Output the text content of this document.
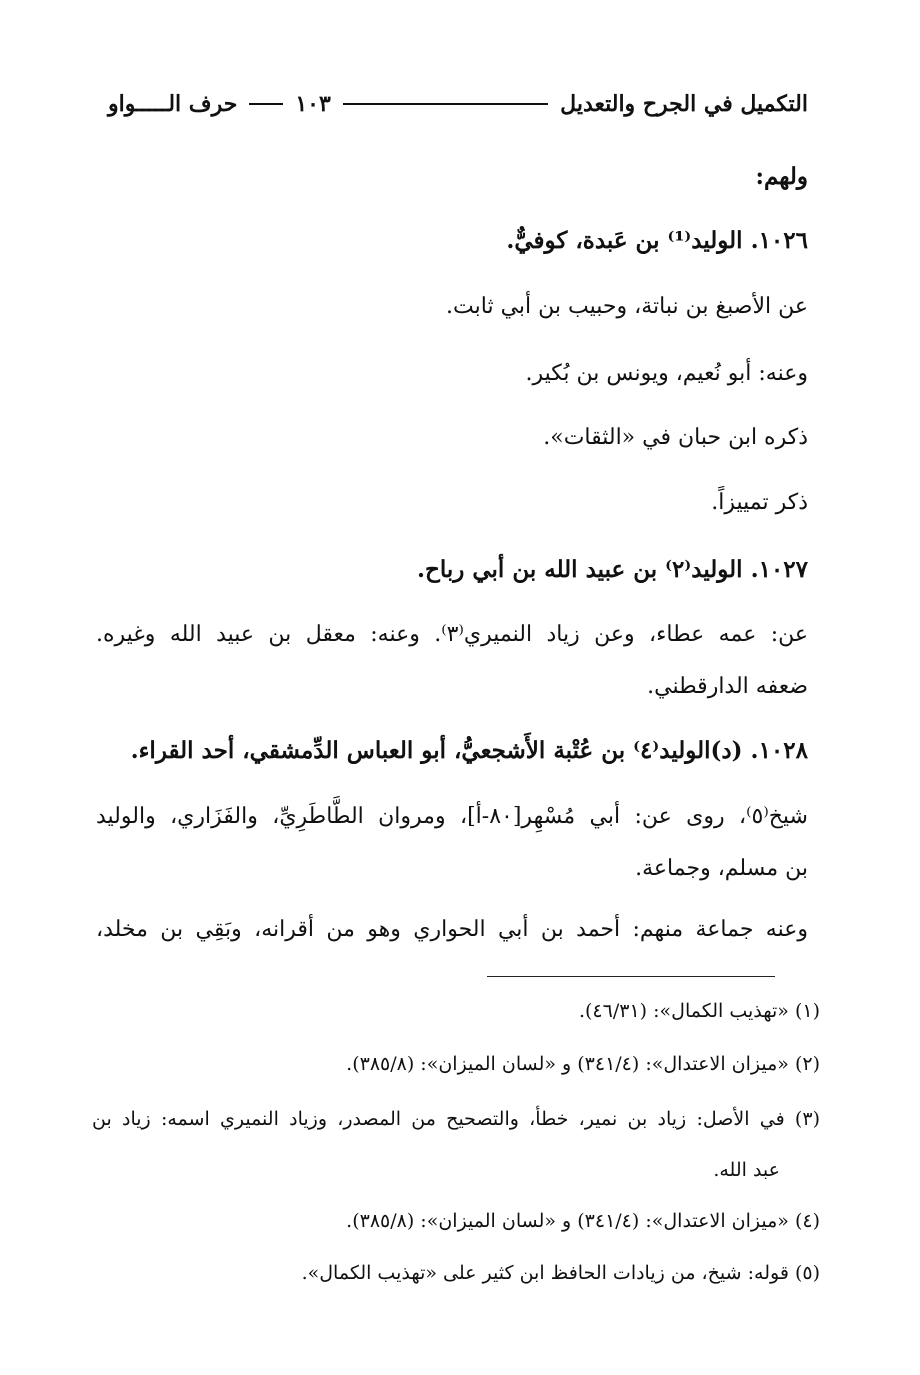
التكميل في الجرح والتعديل
١٠٣
حرف الـــــواو
ولهم:
١٠٢٦. الوليد⁽¹⁾ بن عَبدة، كوفيٌّ.
عن الأصبغ بن نباتة، وحبيب بن أبي ثابت.
وعنه: أبو نُعيم، ويونس بن بُكير.
ذكره ابن حبان في «الثقات».
ذكر تمييزاً.
١٠٢٧. الوليد⁽٢⁾ بن عبيد الله بن أبي رباح.
عن: عمه عطاء، وعن زياد النميري⁽٣⁾. وعنه: معقل بن عبيد الله وغيره.
ضعفه الدارقطني.
١٠٢٨. (د)الوليد⁽٤⁾ بن عُتْبة الأَشجعيُّ، أبو العباس الدِّمشقي، أحد القراء.
شيخ⁽٥⁾، روى عن: أبي مُسْهِر[٨٠-أ]، ومروان الطَّاطَرِيِّ، والفَزَاري، والوليد
بن مسلم، وجماعة.
وعنه جماعة منهم: أحمد بن أبي الحواري وهو من أقرانه، وبَقِي بن مخلد،
(١) «تهذيب الكمال»: (٤٦/٣١).
(٢) «ميزان الاعتدال»: (٣٤١/٤) و «لسان الميزان»: (٣٨٥/٨).
(٣) في الأصل: زياد بن نمير، خطأ، والتصحيح من المصدر، وزياد النميري اسمه: زياد بن
عبد الله.
(٤) «ميزان الاعتدال»: (٣٤١/٤) و «لسان الميزان»: (٣٨٥/٨).
(٥) قوله: شيخ، من زيادات الحافظ ابن كثير على «تهذيب الكمال».
